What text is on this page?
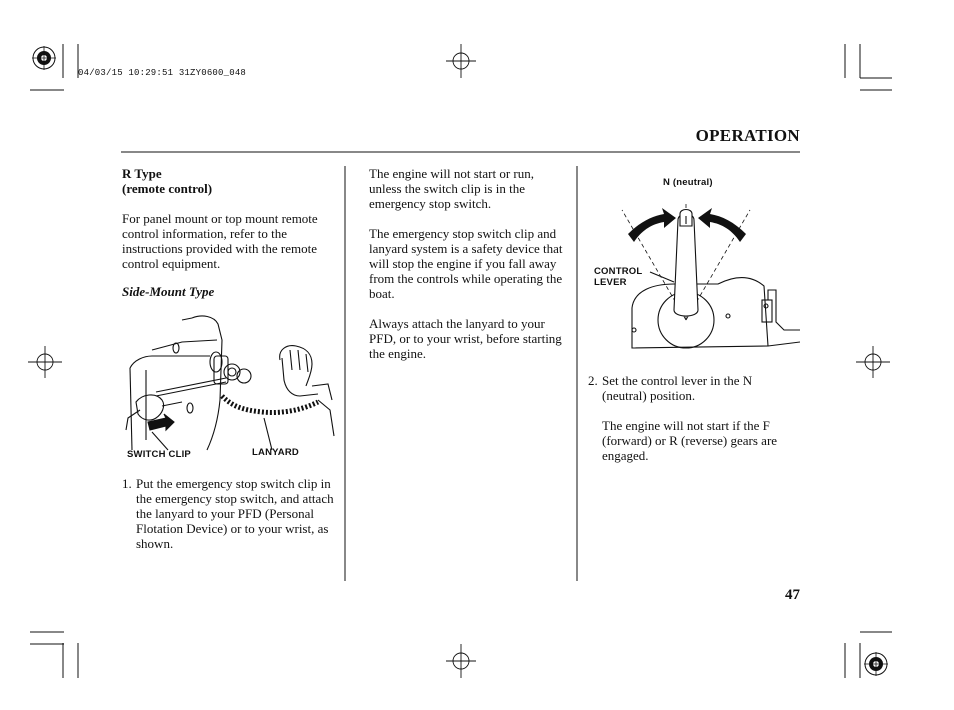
04/03/15 10:29:51 31ZY0600_048
OPERATION

R Type

(remote control)

For panel mount or top mount remote control information, refer to the instructions provided with the remote control equipment.

Side-Mount Type

SWITCH CLIP	LANYARD
1. Put the emergency stop switch clip in the emergency stop switch, and attach the lanyard to your PFD (Personal Flotation Device) or to your wrist, as shown.

The engine will not start or run, unless the switch clip is in the emergency stop switch.

The emergency stop switch clip and lanyard system is a safety device that will stop the engine if you fall away from the controls while operating the boat.

Always attach the lanyard to your PFD, or to your wrist, before starting the engine.

N (neutral)
CONTROL
LEVER
2. Set the control lever in the N (neutral) position.

The engine will not start if the F (forward) or R (reverse) gears are engaged.

47
